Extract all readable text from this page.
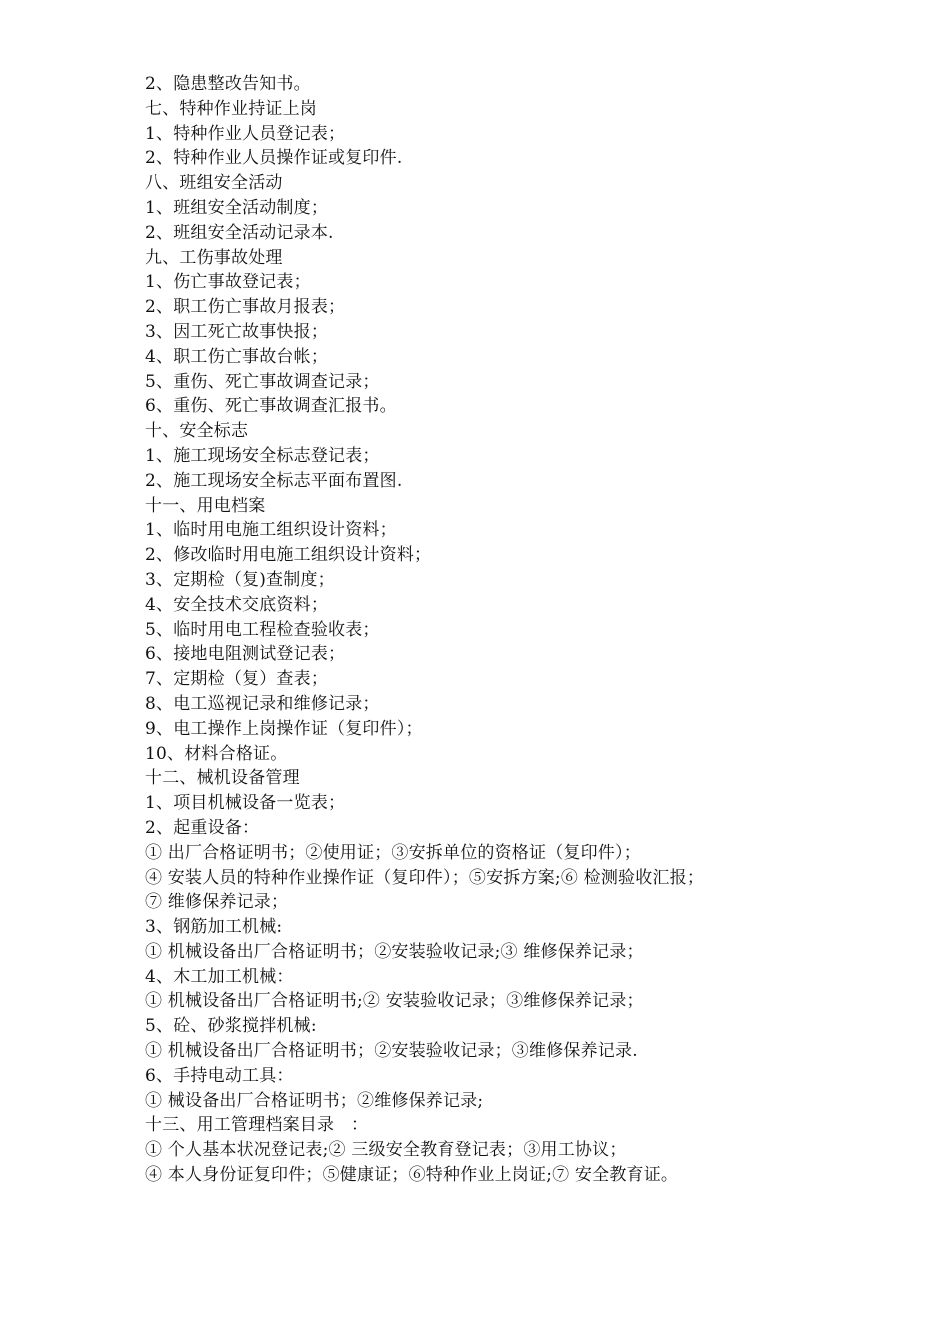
2、隐患整改告知书。
七、特种作业持证上岗
1、特种作业人员登记表；
2、特种作业人员操作证或复印件.
八、班组安全活动
1、班组安全活动制度；
2、班组安全活动记录本.
九、工伤事故处理
1、伤亡事故登记表；
2、职工伤亡事故月报表；
3、因工死亡故事快报；
4、职工伤亡事故台帐；
5、重伤、死亡事故调查记录；
6、重伤、死亡事故调查汇报书。
十、安全标志
1、施工现场安全标志登记表；
2、施工现场安全标志平面布置图.
十一、用电档案
1、临时用电施工组织设计资料；
2、修改临时用电施工组织设计资料；
3、定期检（复)查制度；
4、安全技术交底资料；
5、临时用电工程检查验收表；
6、接地电阻测试登记表；
7、定期检（复）查表；
8、电工巡视记录和维修记录；
9、电工操作上岗操作证（复印件）；
10、材料合格证。
十二、械机设备管理
1、项目机械设备一览表；
2、起重设备：
① 出厂合格证明书；②使用证；③安拆单位的资格证（复印件）；
④ 安装人员的特种作业操作证（复印件）；⑤安拆方案;⑥ 检测验收汇报；
⑦ 维修保养记录；
3、钢筋加工机械:
① 机械设备出厂合格证明书；②安装验收记录;③ 维修保养记录；
4、木工加工机械：
① 机械设备出厂合格证明书;② 安装验收记录；③维修保养记录；
5、砼、砂浆搅拌机械:
① 机械设备出厂合格证明书；②安装验收记录；③维修保养记录.
6、手持电动工具：
① 械设备出厂合格证明书；②维修保养记录;
十三、用工管理档案目录   ：
① 个人基本状况登记表;② 三级安全教育登记表；③用工协议；
④ 本人身份证复印件；⑤健康证；⑥特种作业上岗证;⑦ 安全教育证。
